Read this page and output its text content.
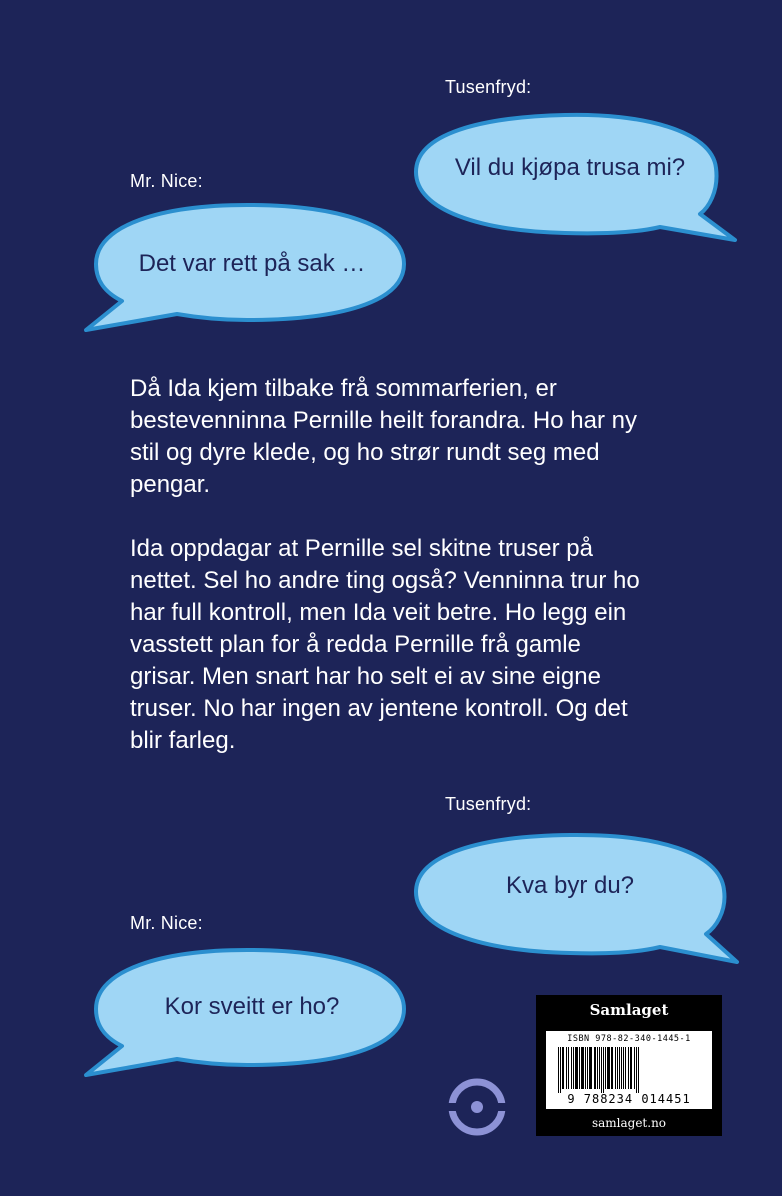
Tusenfryd:
Vil du kjøpa trusa mi?
Mr. Nice:
Det var rett på sak …

Då Ida kjem tilbake frå sommarferien, er bestevenninna Pernille heilt forandra. Ho har ny stil og dyre klede, og ho strør rundt seg med pengar.

Ida oppdagar at Pernille sel skitne truser på nettet. Sel ho andre ting også? Venninna trur ho har full kontroll, men Ida veit betre. Ho legg ein vasstett plan for å redda Pernille frå gamle grisar. Men snart har ho selt ei av sine eigne truser. No har ingen av jentene kontroll. Og det blir farleg.

Tusenfryd:
Kva byr du?
Mr. Nice:
Kor sveitt er ho?	Samlaget
ISBN 978-82-340-1445-1
9 788234 014451
samlaget.no
